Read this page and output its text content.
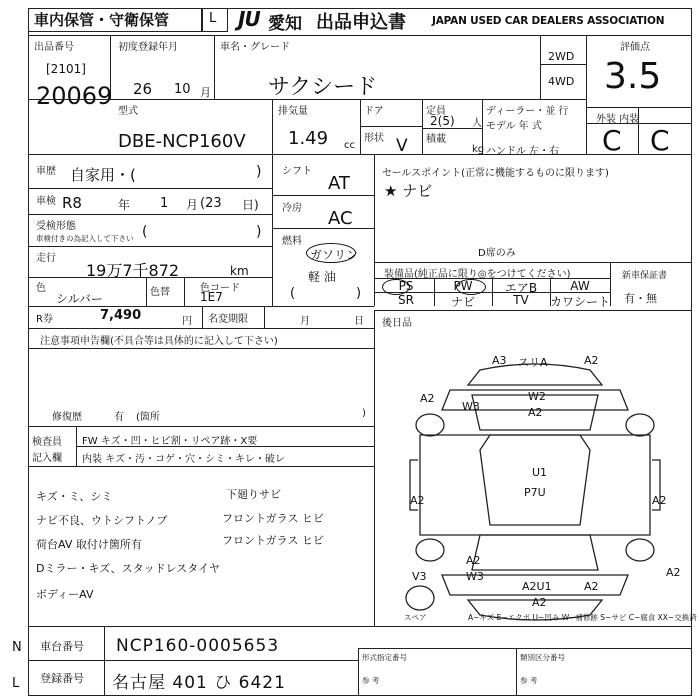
車内保管・守衛保管	L JU 愛知 出品申込書 JAPAN USED CAR DEALERS ASSOCIATION
出品番号
[2101]
20069
初度登録年月
26 10 月
車名・グレード
サクシード
2WD
4WD
評価点
3.5
外装 内装
C C
型式
DBE-NCP160V
排気量
1.49 cc
ドア
形状 V
定員
2(5) 人
積載
kg
ディーラー・並 行
モデル 年 式
ハンドル 左・右
車歴 自家用・(	)
車検 R8	年 1 月 (23 日)
受検形態
車検付きの為記入して下さい (	)
走行
19万7千872	km
色
シルバー	色替	色コード
1E7
シフト
AT
冷房 AC
燃料
ガソリン
軽 油
(	)
セールスポイント(正常に機能するものに限ります)
★ ナビ
D席のみ
装備品(純正品に限り◎をつけてください)	新車保証書
有・無
PS	PW	エアB	AW
SR	ナビ	TV	カワシート
R券	7,490	円 名変期限	月	日 後日品
注意事項申告欄(不具合等は具体的に記入して下さい)
修復歴	有 (箇所	)
検査員
記入欄
FW キズ・凹・ヒビ割・リペア跡・X要
内装 キズ・汚・コゲ・穴・シミ・キレ・破レ
キズ・ミ、シミ	下廻りサビ
ナビ不良、ウトシフトノブ	フロントガラス ヒビ
荷台AV 取付け箇所有	フロントガラス ヒビ
Dミラー・キズ、スタッドレスタイヤ
ボディーAV
A3 スリA	A2
A2
W3
W2
A2
U1
P7U
A2	A2
A2
V3	W3
A2U1	A2
A2
A2
スペア	A−キズ E−エクボ U−凹み W−補修跡 S−サビ C−腐食 XX−交換済
N
L
車台番号 NCP160-0005653
登録番号 名古屋 401 ひ 6421
形式指定番号
参 考
類別区分番号
参 考
